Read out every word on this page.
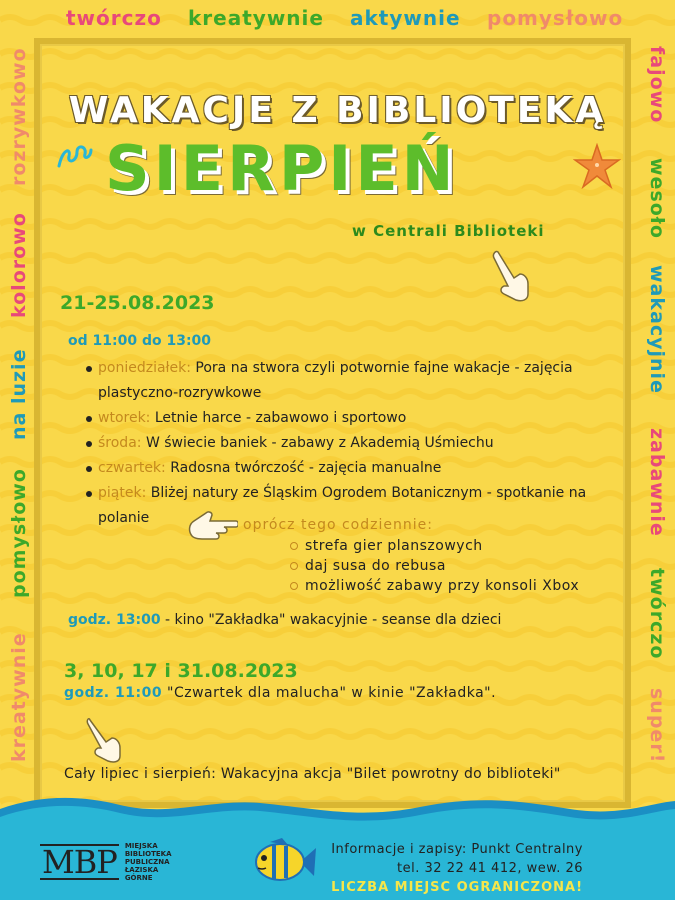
twórczo kreatywnie aktywnie pomysłowo
rozrywkowo
kolorowo
na luzie
pomysłowo
kreatywnie
fajowo
wesoło
wakacyjnie
zabawnie
twórczo
super!
WAKACJE Z BIBLIOTEKĄ
SIERPIEŃ
w Centrali Biblioteki
21-25.08.2023
od 11:00 do 13:00
poniedziałek: Pora na stwora czyli potwornie fajne wakacje - zajęcia plastyczno-rozrywkowe
wtorek: Letnie harce - zabawowo i sportowo
środa: W świecie baniek - zabawy z Akademią Uśmiechu
czwartek: Radosna twórczość - zajęcia manualne
piątek: Bliżej natury ze Śląskim Ogrodem Botanicznym - spotkanie na polanie	oprócz tego codziennie:
strefa gier planszowych
daj susa do rebusa
możliwość zabawy przy konsoli Xbox
godz. 13:00 - kino "Zakładka" wakacyjnie - seanse dla dzieci
3, 10, 17 i 31.08.2023
godz. 11:00 "Czwartek dla malucha" w kinie "Zakładka".
Cały lipiec i sierpień: Wakacyjna akcja "Bilet powrotny do biblioteki"
MBP MIEJSKA
BIBLIOTEKA
PUBLICZNA
ŁAZISKA
GÓRNE
Informacje i zapisy: Punkt Centralny
tel. 32 22 41 412, wew. 26
LICZBA MIEJSC OGRANICZONA!
